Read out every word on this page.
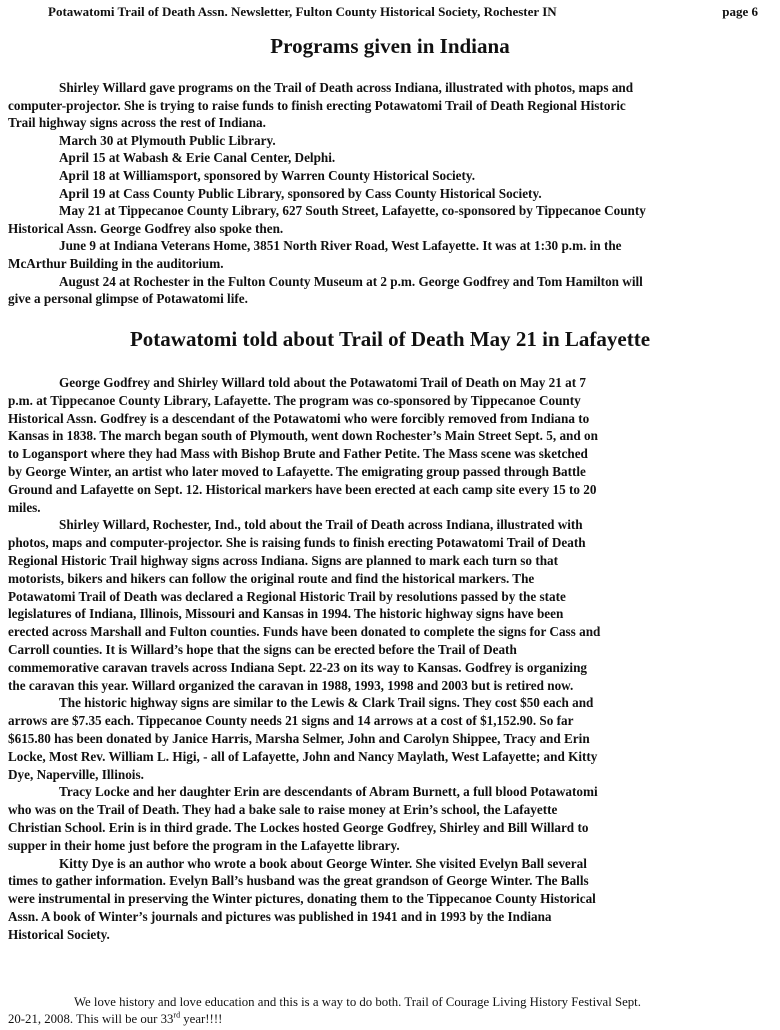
Potawatomi Trail of Death Assn. Newsletter, Fulton County Historical Society, Rochester IN	page 6
Programs given in Indiana
Shirley Willard gave programs on the Trail of Death across Indiana, illustrated with photos, maps and
computer-projector. She is trying to raise funds to finish erecting Potawatomi Trail of Death Regional Historic
Trail highway signs across the rest of Indiana.
March 30 at Plymouth Public Library.
April 15 at Wabash & Erie Canal Center, Delphi.
April 18 at Williamsport, sponsored by Warren County Historical Society.
April 19 at Cass County Public Library, sponsored by Cass County Historical Society.
May 21 at Tippecanoe County Library, 627 South Street, Lafayette, co-sponsored by Tippecanoe County
Historical Assn. George Godfrey also spoke then.
June 9 at Indiana Veterans Home, 3851 North River Road, West Lafayette. It was at 1:30 p.m. in the
McArthur Building in the auditorium.
August 24 at Rochester in the Fulton County Museum at 2 p.m. George Godfrey and Tom Hamilton will
give a personal glimpse of Potawatomi life.
Potawatomi told about Trail of Death May 21 in Lafayette
George Godfrey and Shirley Willard told about the Potawatomi Trail of Death on May 21 at 7
p.m. at Tippecanoe County Library, Lafayette. The program was co-sponsored by Tippecanoe County
Historical Assn. Godfrey is a descendant of the Potawatomi who were forcibly removed from Indiana to
Kansas in 1838. The march began south of Plymouth, went down Rochester’s Main Street Sept. 5, and on
to Logansport where they had Mass with Bishop Brute and Father Petite. The Mass scene was sketched
by George Winter, an artist who later moved to Lafayette. The emigrating group passed through Battle
Ground and Lafayette on Sept. 12. Historical markers have been erected at each camp site every 15 to 20
miles.
Shirley Willard, Rochester, Ind., told about the Trail of Death across Indiana, illustrated with
photos, maps and computer-projector. She is raising funds to finish erecting Potawatomi Trail of Death
Regional Historic Trail highway signs across Indiana. Signs are planned to mark each turn so that
motorists, bikers and hikers can follow the original route and find the historical markers. The
Potawatomi Trail of Death was declared a Regional Historic Trail by resolutions passed by the state
legislatures of Indiana, Illinois, Missouri and Kansas in 1994. The historic highway signs have been
erected across Marshall and Fulton counties. Funds have been donated to complete the signs for Cass and
Carroll counties. It is Willard’s hope that the signs can be erected before the Trail of Death
commemorative caravan travels across Indiana Sept. 22-23 on its way to Kansas. Godfrey is organizing
the caravan this year. Willard organized the caravan in 1988, 1993, 1998 and 2003 but is retired now.
The historic highway signs are similar to the Lewis & Clark Trail signs. They cost $50 each and
arrows are $7.35 each. Tippecanoe County needs 21 signs and 14 arrows at a cost of $1,152.90. So far
$615.80 has been donated by Janice Harris, Marsha Selmer, John and Carolyn Shippee, Tracy and Erin
Locke, Most Rev. William L. Higi, - all of Lafayette, John and Nancy Maylath, West Lafayette; and Kitty
Dye, Naperville, Illinois.
Tracy Locke and her daughter Erin are descendants of Abram Burnett, a full blood Potawatomi
who was on the Trail of Death. They had a bake sale to raise money at Erin’s school, the Lafayette
Christian School. Erin is in third grade. The Lockes hosted George Godfrey, Shirley and Bill Willard to
supper in their home just before the program in the Lafayette library.
Kitty Dye is an author who wrote a book about George Winter. She visited Evelyn Ball several
times to gather information. Evelyn Ball’s husband was the great grandson of George Winter. The Balls
were instrumental in preserving the Winter pictures, donating them to the Tippecanoe County Historical
Assn. A book of Winter’s journals and pictures was published in 1941 and in 1993 by the Indiana
Historical Society.
We love history and love education and this is a way to do both. Trail of Courage Living History Festival Sept.
20-21, 2008. This will be our 33rd year!!!!
